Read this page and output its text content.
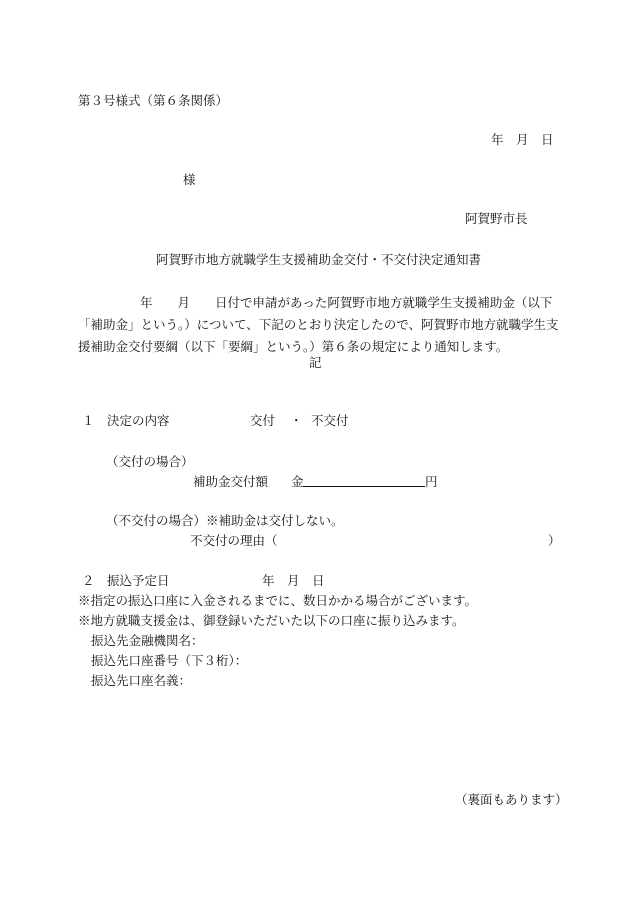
第３号様式（第６条関係）
年　月　日
様
阿賀野市長
阿賀野市地方就職学生支援補助金交付・不交付決定通知書
年　　月　　日付で申請があった阿賀野市地方就職学生支援補助金（以下
「補助金」という。）について、下記のとおり決定したので、阿賀野市地方就職学生支
援補助金交付要綱（以下「要綱」という。）第６条の規定により通知します。
記
１　決定の内容	交付 ・ 不交付
（交付の場合）
補助金交付額 金	円
（不交付の場合）※補助金は交付しない。
不交付の理由（	）
２　振込予定日	年　月　日
※指定の振込口座に入金されるまでに、数日かかる場合がございます。
※地方就職支援金は、御登録いただいた以下の口座に振り込みます。
振込先金融機関名：
振込先口座番号（下３桁）：
振込先口座名義：
（裏面もあります）
